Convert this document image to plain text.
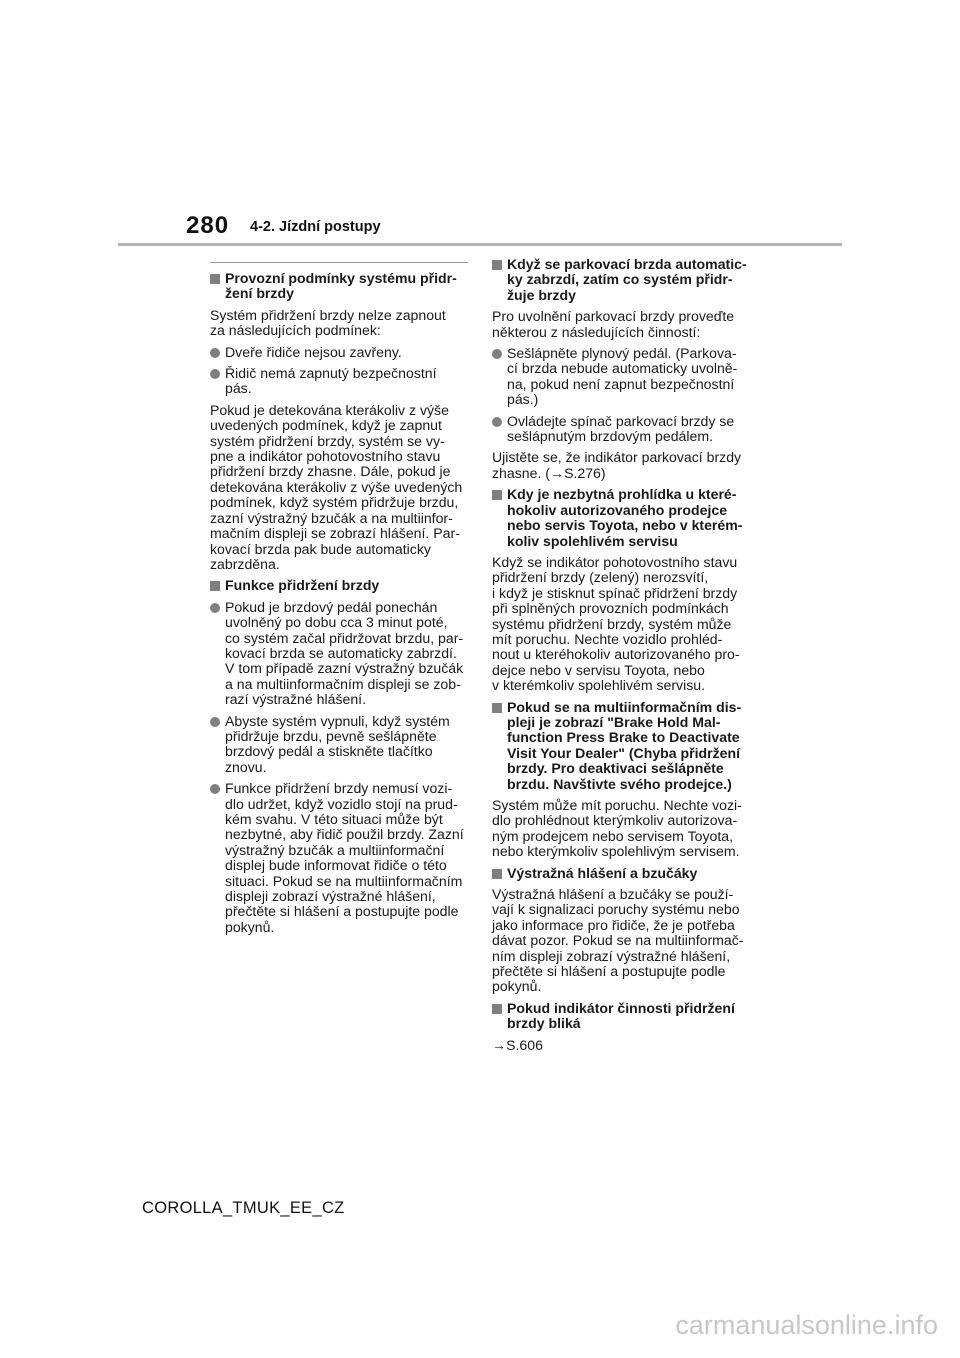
280 4-2. Jízdní postupy
Provozní podmínky systému přidr-
žení brzdy
Systém přidržení brzdy nelze zapnout
za následujících podmínek:
Dveře řidiče nejsou zavřeny.
Řidič nemá zapnutý bezpečnostní
pás.
Pokud je detekována kterákoliv z výše
uvedených podmínek, když je zapnut
systém přidržení brzdy, systém se vy-
pne a indikátor pohotovostního stavu
přidržení brzdy zhasne. Dále, pokud je
detekována kterákoliv z výše uvedených
podmínek, když systém přidržuje brzdu,
zazní výstražný bzučák a na multiinfor-
mačním displeji se zobrazí hlášení. Par-
kovací brzda pak bude automaticky
zabrzděna.
Funkce přidržení brzdy
Pokud je brzdový pedál ponechán
uvolněný po dobu cca 3 minut poté,
co systém začal přidržovat brzdu, par-
kovací brzda se automaticky zabrzdí.
V tom případě zazní výstražný bzučák
a na multiinformačním displeji se zob-
razí výstražné hlášení.
Abyste systém vypnuli, když systém
přidržuje brzdu, pevně sešlápněte
brzdový pedál a stiskněte tlačítko
znovu.
Funkce přidržení brzdy nemusí vozi-
dlo udržet, když vozidlo stojí na prud-
kém svahu. V této situaci může být
nezbytné, aby řidič použil brzdy. Zazní
výstražný bzučák a multiinformační
displej bude informovat řidiče o této
situaci. Pokud se na multiinformačním
displeji zobrazí výstražné hlášení,
přečtěte si hlášení a postupujte podle
pokynů.
Když se parkovací brzda automatic-
ky zabrzdí, zatím co systém přidr-
žuje brzdy
Pro uvolnění parkovací brzdy proveďte
některou z následujících činností:
Sešlápněte plynový pedál. (Parkova-
cí brzda nebude automaticky uvolně-
na, pokud není zapnut bezpečnostní
pás.)
Ovládejte spínač parkovací brzdy se
sešlápnutým brzdovým pedálem.
Ujistěte se, že indikátor parkovací brzdy
zhasne. (→S.276)
Kdy je nezbytná prohlídka u které-
hokoliv autorizovaného prodejce
nebo servis Toyota, nebo v kterém-
koliv spolehlivém servisu
Když se indikátor pohotovostního stavu
přidržení brzdy (zelený) nerozsvítí,
i když je stisknut spínač přidržení brzdy
při splněných provozních podmínkách
systému přidržení brzdy, systém může
mít poruchu. Nechte vozidlo prohléd-
nout u kteréhokoliv autorizovaného pro-
dejce nebo v servisu Toyota, nebo
v kterémkoliv spolehlivém servisu.
Pokud se na multiinformačním dis-
pleji je zobrazí "Brake Hold Mal-
function Press Brake to Deactivate
Visit Your Dealer" (Chyba přidržení
brzdy. Pro deaktivaci sešlápněte
brzdu. Navštivte svého prodejce.)
Systém může mít poruchu. Nechte vozi-
dlo prohlédnout kterýmkoliv autorizova-
ným prodejcem nebo servisem Toyota,
nebo kterýmkoliv spolehlivým servisem.
Výstražná hlášení a bzučáky
Výstražná hlášení a bzučáky se použí-
vají k signalizaci poruchy systému nebo
jako informace pro řidiče, že je potřeba
dávat pozor. Pokud se na multiinformač-
ním displeji zobrazí výstražné hlášení,
přečtěte si hlášení a postupujte podle
pokynů.
Pokud indikátor činnosti přidržení
brzdy bliká
→S.606
COROLLA_TMUK_EE_CZ
carmanualsonline.info
